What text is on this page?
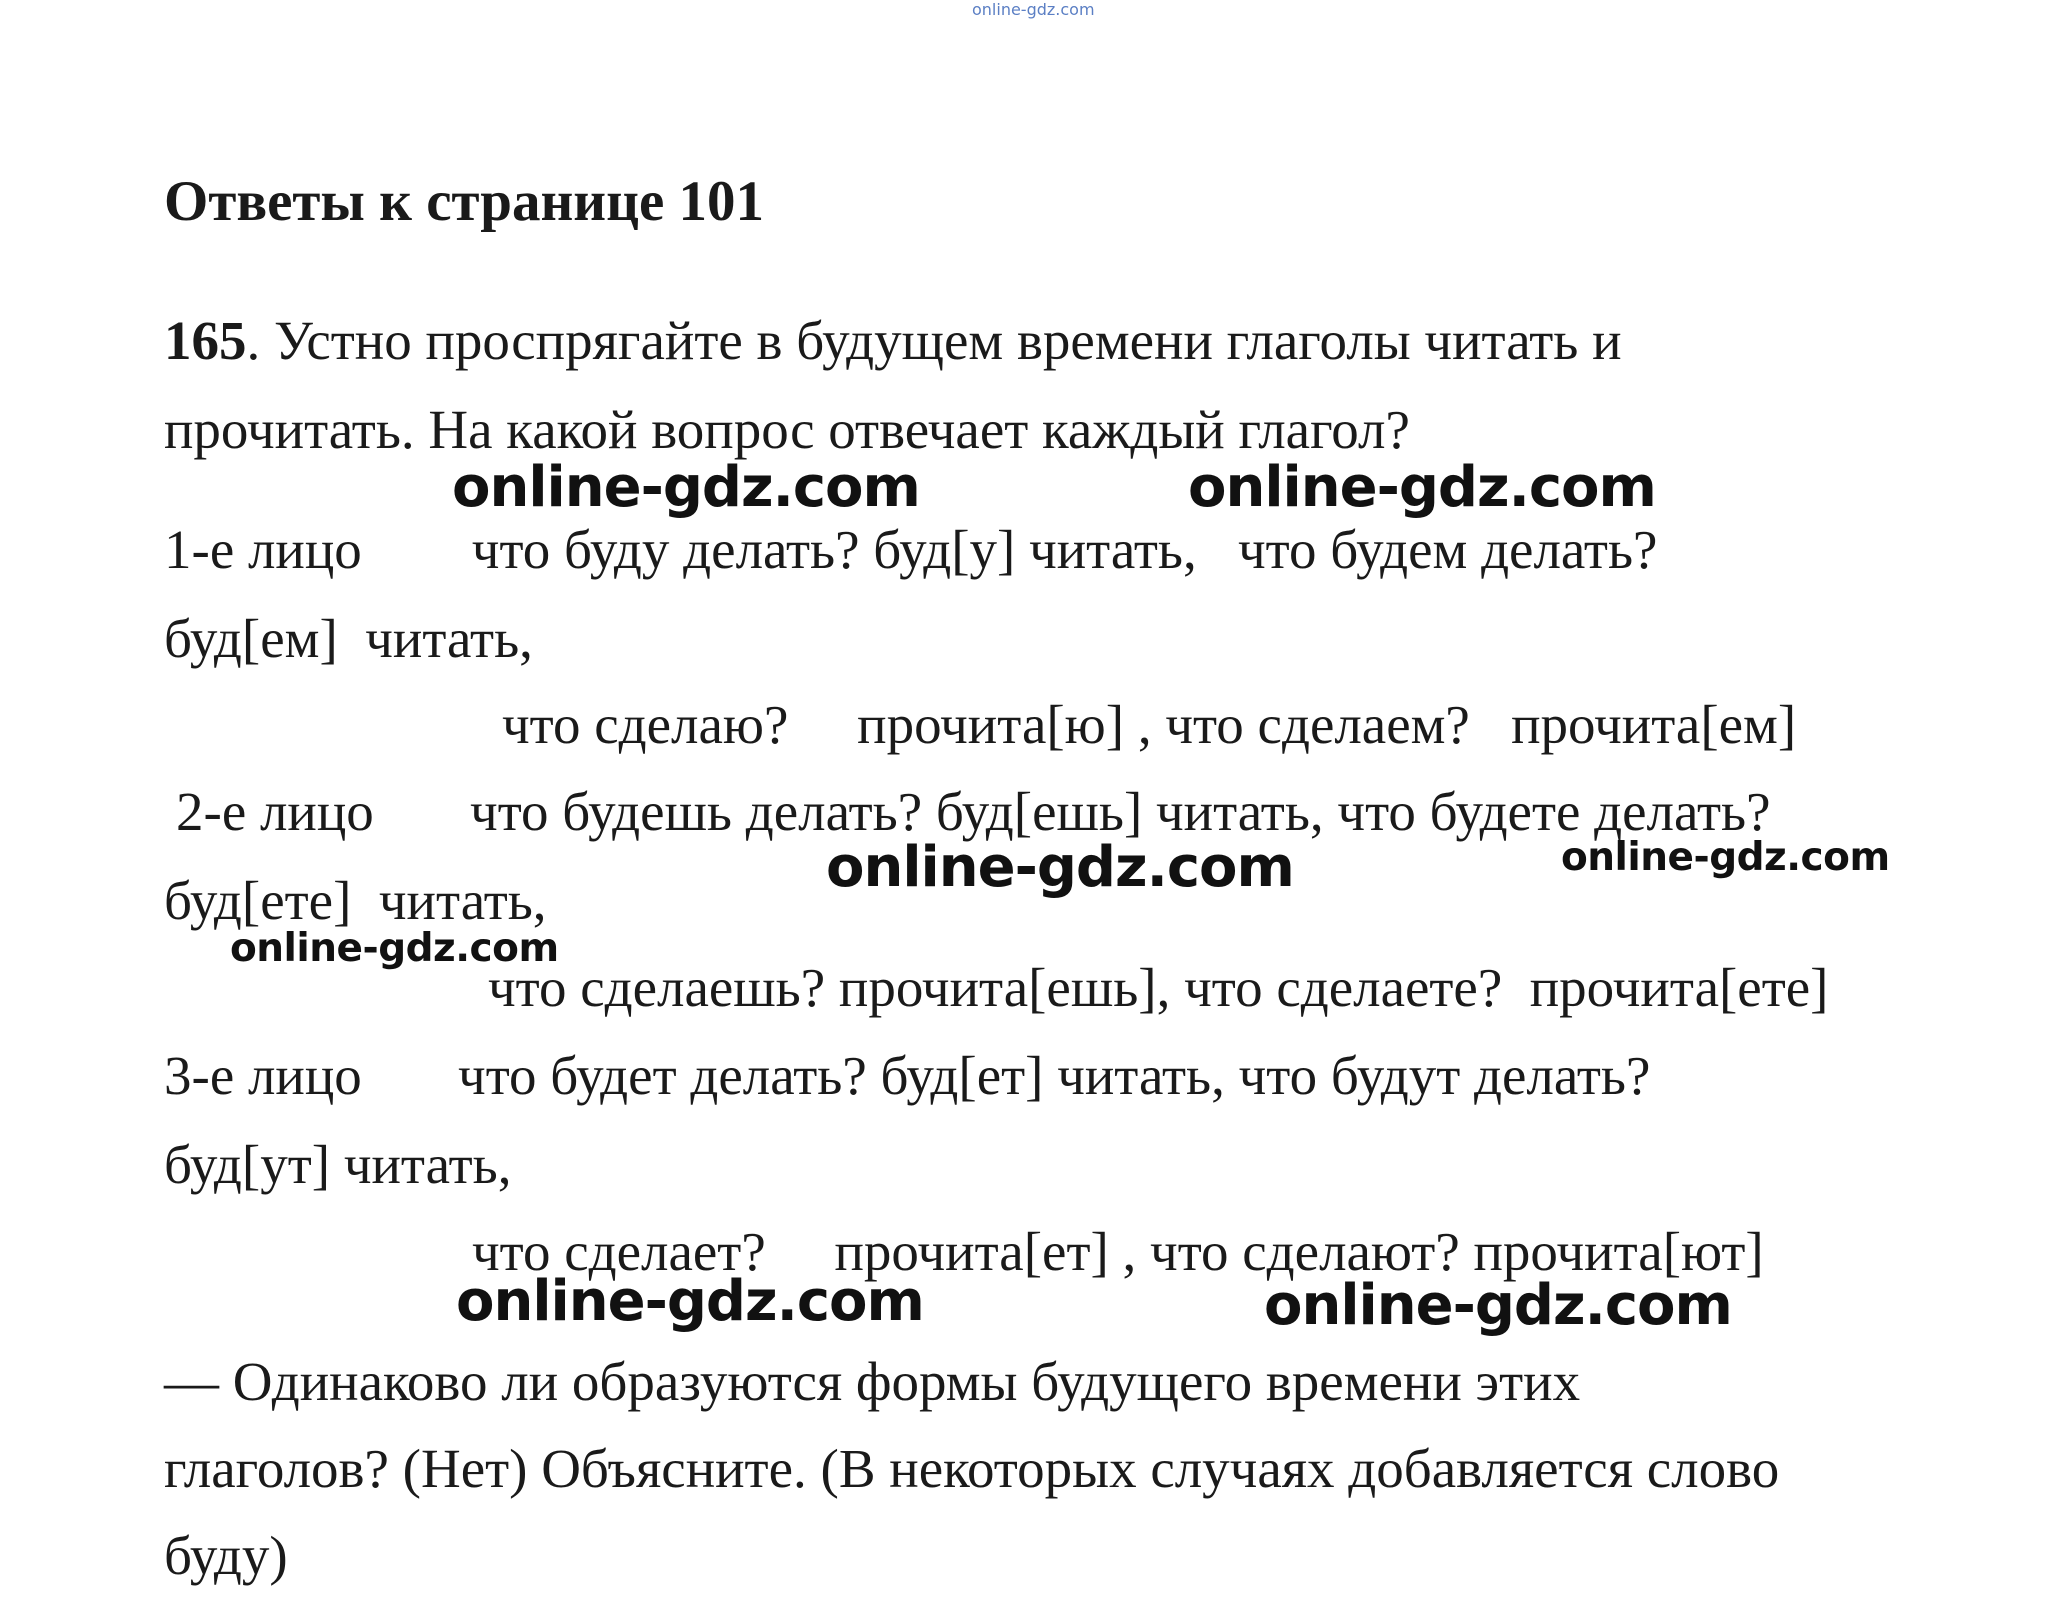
online-gdz.com
Ответы к странице 101
165. Устно проспрягайте в будущем времени глаголы читать и
прочитать. На какой вопрос отвечает каждый глагол?
online-gdz.com	online-gdz.com
1-е лицо        что буду делать? буд[у] читать,   что будем делать?
буд[ем]  читать,
что сделаю?     прочита[ю] , что сделаем?   прочита[ем]
2-е лицо       что будешь делать? буд[ешь] читать, что будете делать?
online-gdz.com	online-gdz.com
буд[ете]  читать,
online-gdz.com
что сделаешь? прочита[ешь], что сделаете?  прочита[ете]
3-е лицо       что будет делать? буд[ет] читать, что будут делать?
буд[ут] читать,
что сделает?     прочита[ет] , что сделают? прочита[ют]
online-gdz.com	online-gdz.com
— Одинаково ли образуются формы будущего времени этих
глаголов? (Нет) Объясните. (В некоторых случаях добавляется слово
буду)
